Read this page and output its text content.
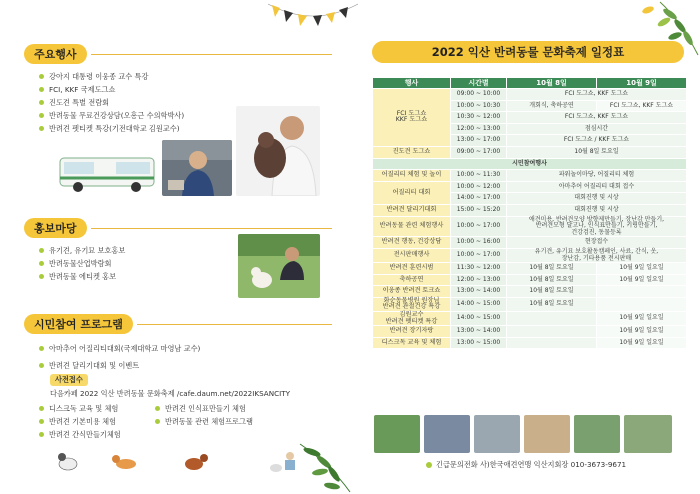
주요행사
강아지 대통령 이웅종 교수 특강
FCI, KKF 국제도그쇼
진도견 특별 전람회
반려동물 무료건강상담(오흥근 수의학박사)
반려견 펫티켓 특강(기전대학교 김원교수)
홍보마당
유기견, 유기묘 보호홍보
반려동물산업박람회
반려동물 에티켓 홍보
시민참여 프로그램
아마추어 어질리티대회(국제대학교 마영남 교수)
반려견 달리기대회 및 이벤트
사전접수
다음카페 2022 익산 반려동물 문화축제 /cafe.daum.net/2022IKSANCITY
디스크독 교육 및 체험
반려견 기본미용 체험
반려견 간식만들기체험
반려견 인식표만들기 체험
반려동물 관련 체험프로그램
2022 익산 반려동물 문화축제 일정표
행사	시간별	10월 8일	10월 9일
FCI 도그쇼
KKF 도그쇼	09:00 ~ 10:00	FCI 도그쇼, KKF 도그쇼	
	10:00 ~ 10:30	개회식, 축하공연	FCI 도그쇼, KKF 도그쇼
	10:30 ~ 12:00	FCI 도그쇼, KKF 도그쇼	
	12:00 ~ 13:00	점심시간	
	13:00 ~ 17:00	FCI 도그쇼 / KKF 도그쇼	
진도견 도그쇼	09:00 ~ 17:00	10월 8일 토요일	
시민참여행사			
어질리티 체험 및 놀이	10:00 ~ 11:30	파워놀이마당, 어질리티 체험	
어질리티 대회	10:00 ~ 12:00	아마추어 어질리티 대회 접수	
	14:00 ~ 17:00	대회진행 및 시상	
반려견 달리기대회	15:00 ~ 15:20	대회진행 및 시상	
반려동물 관련 체험행사	10:00 ~ 17:00	애견미용, 반려견모양 방향제만들기, 장난감 만들기,
반려견모형 달고나, 인식표만들기, 키링만들기,
건강검진, 동물등록	
반려견 행동, 건강상담	10:00 ~ 16:00	현장접수	
전시판매행사	10:00 ~ 17:00	유기견, 유기묘 보호활동캠페인, 사료, 간식, 옷,
장난감, 기타용품 전시판매	
반려견 훈련시범	11:30 ~ 12:00	10월 8일 토요일	10월 9일 일요일
축하공연	12:00 ~ 13:00	10월 8일 토요일	10월 9일 일요일
이웅종 반려견 토크쇼	13:00 ~ 14:00	10월 8일 토요일	
화순동물병원 원장님
반려견 관절건강 특강	14:00 ~ 15:00	10월 8일 토요일	
김원교수
반려견 펫티켓 특강	14:00 ~ 15:00		10월 9일 일요일
반려견 장기자랑	13:00 ~ 14:00		10월 9일 일요일
디스크독 교육 및 체험	13:00 ~ 15:00		10월 9일 일요일
긴급문의전화 사)한국애견연맹 익산지회장 010-3673-9671
